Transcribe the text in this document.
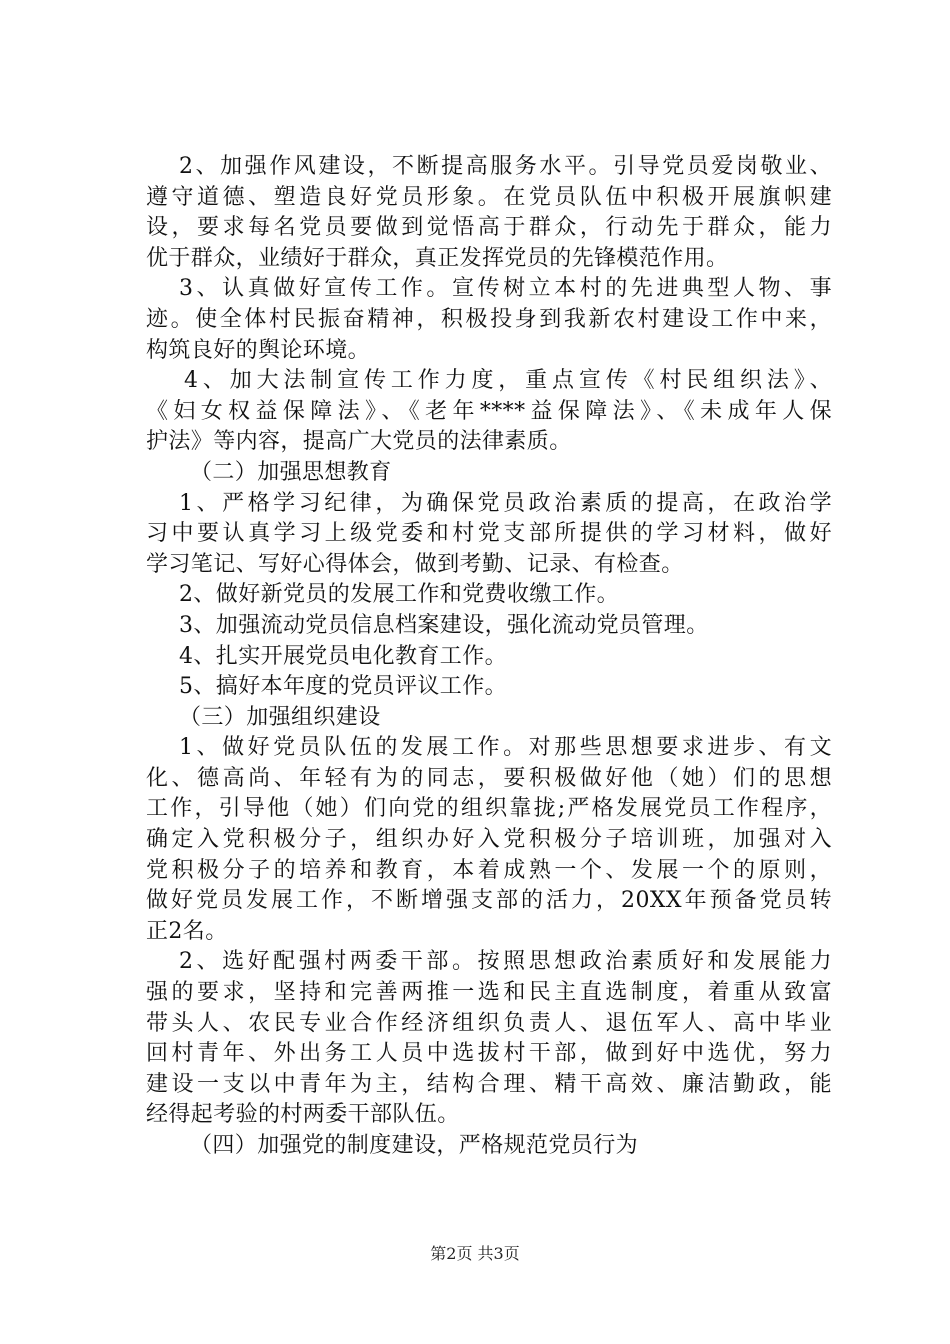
2、加强作风建设，不断提高服务水平。引导党员爱岗敬业、
遵守道德、塑造良好党员形象。在党员队伍中积极开展旗帜建
设，要求每名党员要做到觉悟高于群众，行动先于群众，能力
优于群众，业绩好于群众，真正发挥党员的先锋模范作用。
3、认真做好宣传工作。宣传树立本村的先进典型人物、事
迹。使全体村民振奋精神，积极投身到我新农村建设工作中来，
构筑良好的舆论环境。
4、加大法制宣传工作力度，重点宣传《村民组织法》、
《妇女权益保障法》、《老年****益保障法》、《未成年人保
护法》等内容，提高广大党员的法律素质。
（二）加强思想教育
1、严格学习纪律，为确保党员政治素质的提高，在政治学
习中要认真学习上级党委和村党支部所提供的学习材料，做好
学习笔记、写好心得体会，做到考勤、记录、有检查。
2、做好新党员的发展工作和党费收缴工作。
3、加强流动党员信息档案建设，强化流动党员管理。
4、扎实开展党员电化教育工作。
5、搞好本年度的党员评议工作。
（三）加强组织建设
1、做好党员队伍的发展工作。对那些思想要求进步、有文
化、德高尚、年轻有为的同志，要积极做好他（她）们的思想
工作，引导他（她）们向党的组织靠拢;严格发展党员工作程序，
确定入党积极分子，组织办好入党积极分子培训班，加强对入
党积极分子的培养和教育，本着成熟一个、发展一个的原则，
做好党员发展工作，不断增强支部的活力，20XX年预备党员转
正2名。
2、选好配强村两委干部。按照思想政治素质好和发展能力
强的要求，坚持和完善两推一选和民主直选制度，着重从致富
带头人、农民专业合作经济组织负责人、退伍军人、高中毕业
回村青年、外出务工人员中选拔村干部，做到好中选优，努力
建设一支以中青年为主，结构合理、精干高效、廉洁勤政，能
经得起考验的村两委干部队伍。
（四）加强党的制度建设，严格规范党员行为
第2页 共3页
